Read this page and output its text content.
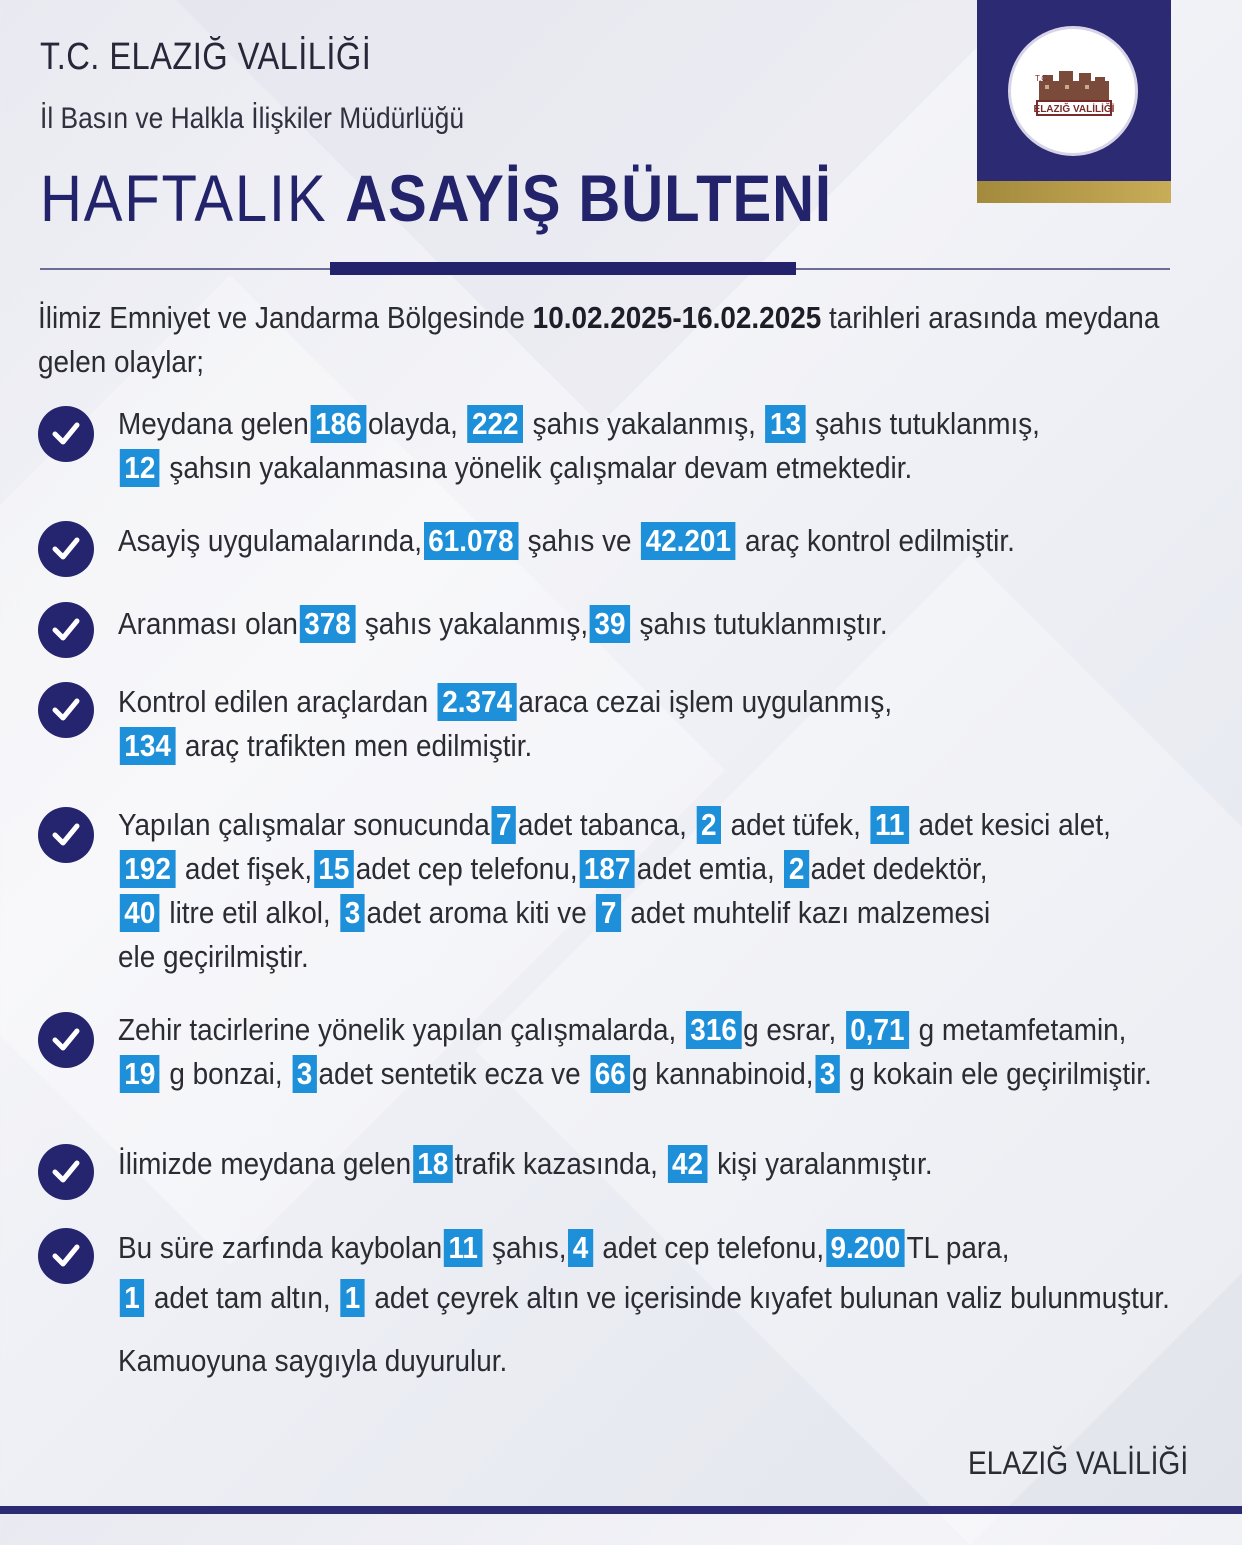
T.C. ELAZIĞ VALİLİĞİ
İl Basın ve Halkla İlişkiler Müdürlüğü
HAFTALIK ASAYİŞ BÜLTENİ
T.C.
ELAZIĞ VALİLİĞİ
İlimiz Emniyet ve Jandarma Bölgesinde 10.02.2025-16.02.2025 tarihleri arasında meydana
gelen olaylar;
Meydana gelen 186 olayda, 222 şahıs yakalanmış, 13 şahıs tutuklanmış,
12 şahsın yakalanmasına yönelik çalışmalar devam etmektedir.
Asayiş uygulamalarında, 61.078 şahıs ve 42.201 araç kontrol edilmiştir.
Aranması olan 378 şahıs yakalanmış, 39 şahıs tutuklanmıştır.
Kontrol edilen araçlardan 2.374 araca cezai işlem uygulanmış,
134 araç trafikten men edilmiştir.
Yapılan çalışmalar sonucunda 7 adet tabanca, 2 adet tüfek, 11 adet kesici alet,
192 adet fişek, 15 adet cep telefonu, 187 adet emtia, 2 adet dedektör,
40 litre etil alkol, 3 adet aroma kiti ve 7 adet muhtelif kazı malzemesi
ele geçirilmiştir.
Zehir tacirlerine yönelik yapılan çalışmalarda, 316 g esrar, 0,71 g metamfetamin,
19 g bonzai, 3 adet sentetik ecza ve 66 g kannabinoid, 3 g kokain ele geçirilmiştir.
İlimizde meydana gelen 18 trafik kazasında, 42 kişi yaralanmıştır.
Bu süre zarfında kaybolan 11 şahıs, 4 adet cep telefonu, 9.200 TL para,
1 adet tam altın, 1 adet çeyrek altın ve içerisinde kıyafet bulunan valiz bulunmuştur.
Kamuoyuna saygıyla duyurulur.
ELAZIĞ VALİLİĞİ
